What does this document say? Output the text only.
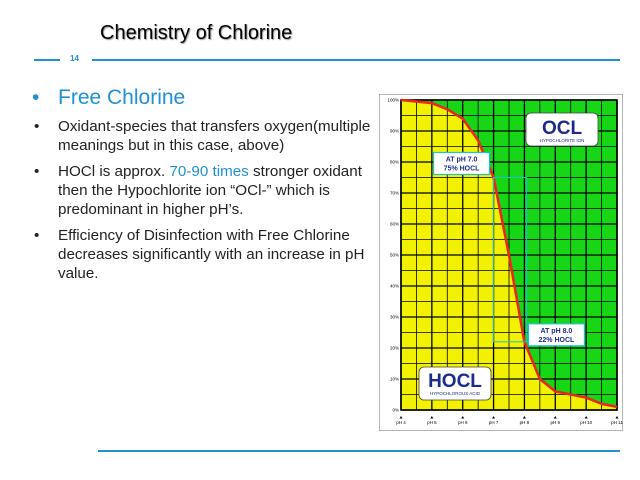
Chemistry of Chlorine
14
• Free Chlorine
• Oxidant-species that transfers oxygen(multiple meanings but in this case, above)
• HOCl is approx. 70-90 times stronger oxidant then the Hypochlorite ion “OCl-” which is predominant in higher pH’s.
• Efficiency of Disinfection with Free Chlorine decreases significantly with an increase in pH value.
0%
10%
20%
30%
40%
50%
60%
70%
80%
90%
100%
pH 4	pH 5	pH 6	pH 7	pH 8	pH 9	pH 10	pH 11
AT pH 7.0
75% HOCL
AT pH 8.0
22% HOCL
OCL
HYPOCHLORITE ION
HOCL
HYPOCHLOROUS ACID
